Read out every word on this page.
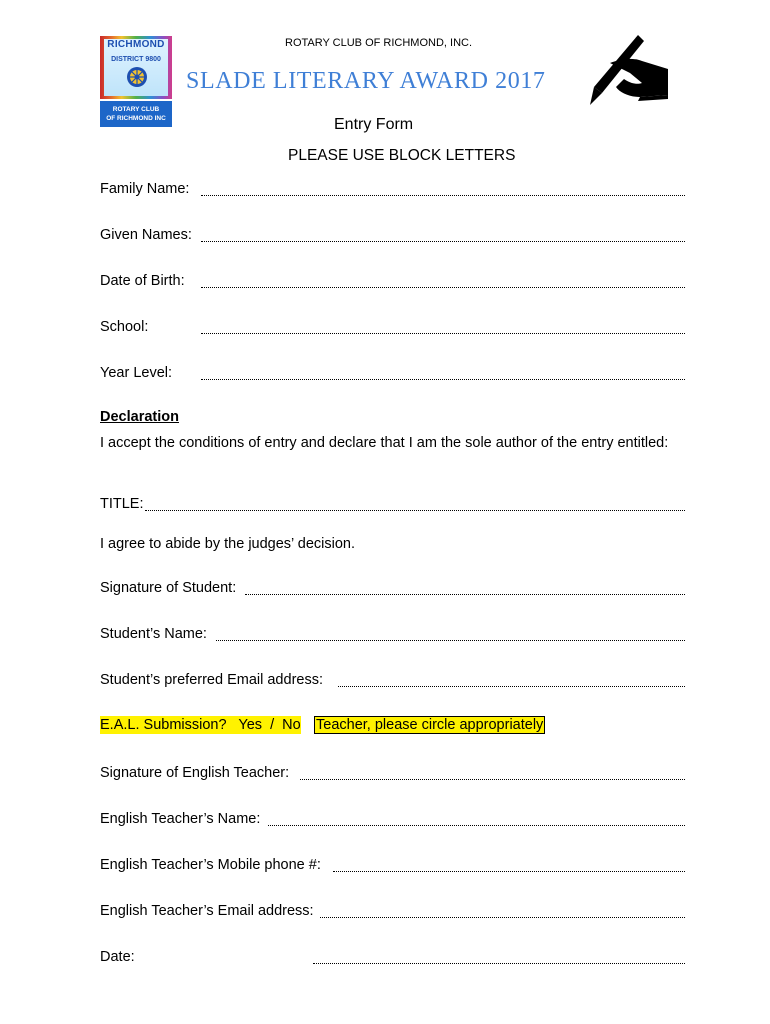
RICHMOND
DISTRICT 9800
ROTARY CLUB
OF RICHMOND INC
ROTARY CLUB OF RICHMOND, INC.
SLADE LITERARY AWARD 2017
Entry Form
PLEASE USE BLOCK LETTERS
Family Name:
Given Names:
Date of Birth:
School:
Year Level:
Declaration
I accept the conditions of entry and declare that I am the sole author of the entry entitled:
TITLE:
I agree to abide by the judges’ decision.
Signature of Student:
Student’s Name:
Student’s preferred Email address:
E.A.L. Submission?   Yes  /  No Teacher, please circle appropriately
Signature of English Teacher:
English Teacher’s Name:
English Teacher’s Mobile phone #:
English Teacher’s Email address:
Date:
